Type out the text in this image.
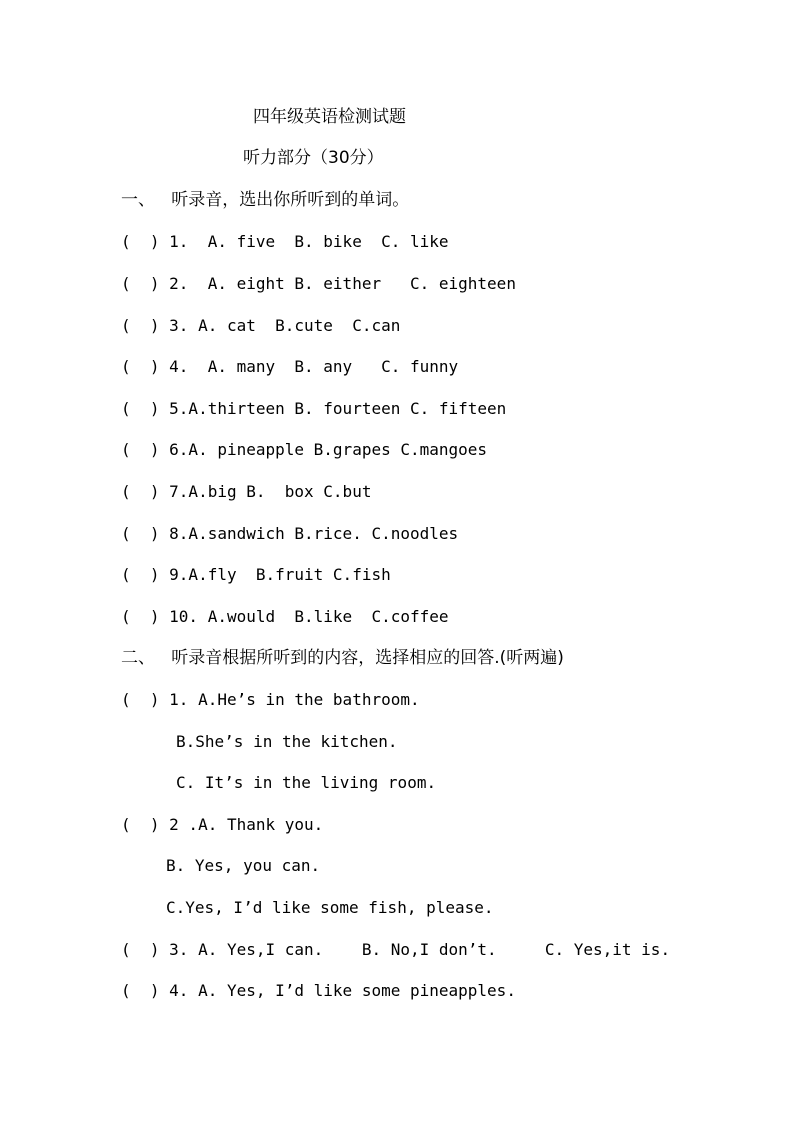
四年级英语检测试题
听力部分（30分）
一、   听录音，选出你所听到的单词。
(  ) 1.  A. five  B. bike  C. like
(  ) 2.  A. eight B. either   C. eighteen
(  ) 3. A. cat  B.cute  C.can
(  ) 4.  A. many  B. any   C. funny
(  ) 5.A.thirteen B. fourteen C. fifteen
(  ) 6.A. pineapple B.grapes C.mangoes
(  ) 7.A.big B.  box C.but
(  ) 8.A.sandwich B.rice. C.noodles
(  ) 9.A.fly  B.fruit C.fish
(  ) 10. A.would  B.like  C.coffee
二、   听录音根据所听到的内容，选择相应的回答.(听两遍)
(  ) 1. A.He’s in the bathroom.
B.She’s in the kitchen.
C. It’s in the living room.
(  ) 2 .A. Thank you.
B. Yes, you can.
C.Yes, I’d like some fish, please.
(  ) 3. A. Yes,I can.    B. No,I don’t.     C. Yes,it is.
(  ) 4. A. Yes, I’d like some pineapples.
